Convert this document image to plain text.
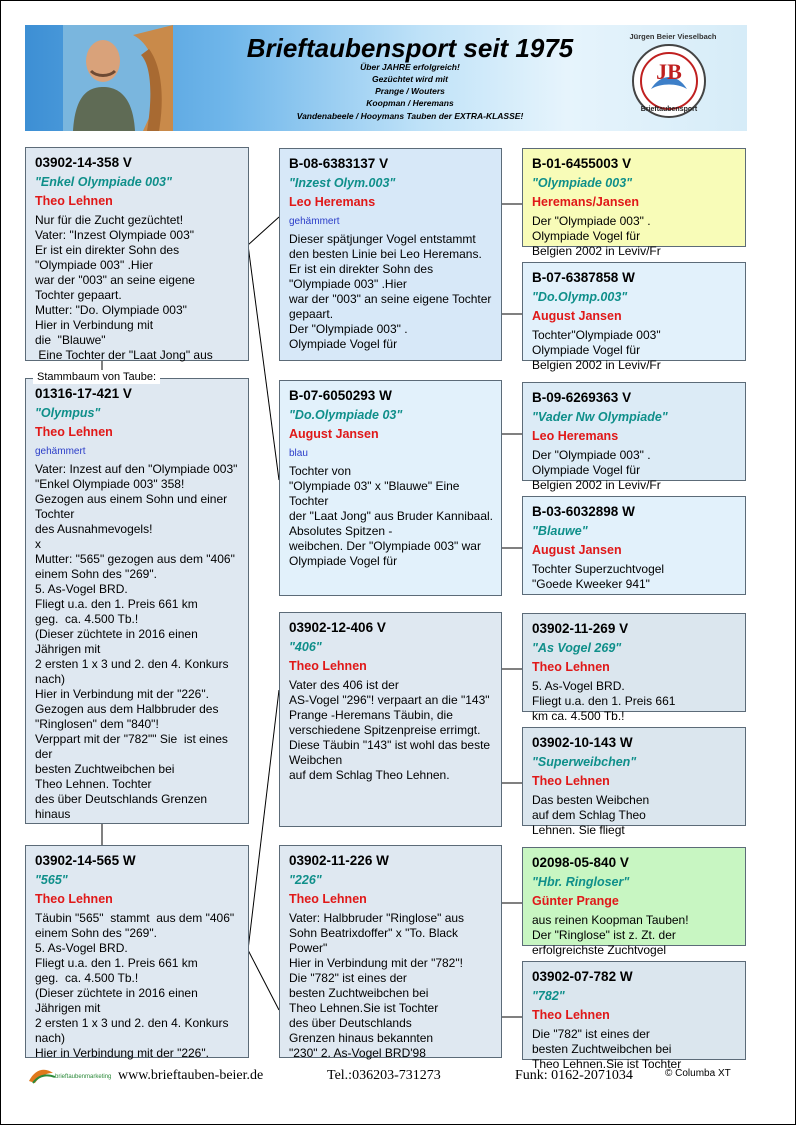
Brieftaubensport seit 1975
Über JAHRE erfolgreich!
Gezüchtet wird mit
Prange / Wouters
Koopman / Heremans
Vandenabeele / Hooymans Tauben der EXTRA-KLASSE!
Jürgen Beier Vieselbach
JB
Brieftaubensport
03902-14-358 V
"Enkel Olympiade 003"
Theo Lehnen
Nur für die Zucht gezüchtet!
Vater: "Inzest Olympiade 003"
Er ist ein direkter Sohn des
"Olympiade 003" .Hier
war der "003" an seine eigene
Tochter gepaart.
Mutter: "Do. Olympiade 003"
Hier in Verbindung mit
die  "Blauwe"
Eine Tochter der "Laat Jong" aus
01316-17-421 V
"Olympus"
Theo Lehnen
gehämmert
Vater: Inzest auf den "Olympiade 003"
"Enkel Olympiade 003" 358!
Gezogen aus einem Sohn und einer Tochter
des Ausnahmevogels!
x
Mutter: "565" gezogen aus dem "406" einem Sohn des "269".
5. As-Vogel BRD.
Fliegt u.a. den 1. Preis 661 km
geg.  ca. 4.500 Tb.!
(Dieser züchtete in 2016 einen Jährigen mit
2 ersten 1 x 3 und 2. den 4. Konkurs nach)
Hier in Verbindung mit der "226".
Gezogen aus dem Halbbruder des "Ringlosen" dem "840"!
Verppart mit der "782"" Sie  ist eines der
besten Zuchtweibchen bei
Theo Lehnen. Tochter
des über Deutschlands Grenzen hinaus
Stammbaum von Taube:
03902-14-565 W
"565"
Theo Lehnen
Täubin "565"  stammt  aus dem "406" einem Sohn des "269".
5. As-Vogel BRD.
Fliegt u.a. den 1. Preis 661 km
geg.  ca. 4.500 Tb.!
(Dieser züchtete in 2016 einen Jährigen mit
2 ersten 1 x 3 und 2. den 4. Konkurs nach)
Hier in Verbindung mit der "226".
B-08-6383137 V
"Inzest Olym.003"
Leo Heremans
gehämmert
Dieser spätjunger Vogel entstammt den besten Linie bei Leo Heremans.
Er ist ein direkter Sohn des "Olympiade 003" .Hier
war der "003" an seine eigene Tochter gepaart.
Der "Olympiade 003" .
Olympiade Vogel für
B-07-6050293 W
"Do.Olympiade 03"
August Jansen
blau
Tochter von
"Olympiade 03" x "Blauwe" Eine Tochter
der "Laat Jong" aus Bruder Kannibaal.
Absolutes Spitzen -
weibchen. Der "Olympiade 003" war
Olympiade Vogel für
03902-12-406 V
"406"
Theo Lehnen
Vater des 406 ist der
AS-Vogel "296"! verpaart an die "143"
Prange -Heremans Täubin, die verschiedene Spitzenpreise errimgt.
Diese Täubin "143" ist wohl das beste Weibchen
auf dem Schlag Theo Lehnen.
03902-11-226 W
"226"
Theo Lehnen
Vater: Halbbruder "Ringlose" aus Sohn Beatrixdoffer" x "To. Black Power"
Hier in Verbindung mit der "782"!
Die "782" ist eines der
besten Zuchtweibchen bei
Theo Lehnen.Sie ist Tochter
des über Deutschlands
Grenzen hinaus bekannten
"230" 2. As-Vogel BRD'98
B-01-6455003 V
"Olympiade 003"
Heremans/Jansen
Der "Olympiade 003" .
Olympiade Vogel für
Belgien 2002 in Leviv/Fr
B-07-6387858 W
"Do.Olymp.003"
August Jansen
Tochter"Olympiade 003"
Olympiade Vogel für
Belgien 2002 in Leviv/Fr
B-09-6269363 V
"Vader Nw Olympiade"
Leo Heremans
Der "Olympiade 003" .
Olympiade Vogel für
Belgien 2002 in Leviv/Fr
B-03-6032898 W
"Blauwe"
August Jansen
Tochter Superzuchtvogel
"Goede Kweeker 941"
03902-11-269 V
"As Vogel 269"
Theo Lehnen
5. As-Vogel BRD.
Fliegt u.a. den 1. Preis 661
km ca. 4.500 Tb.!
03902-10-143 W
"Superweibchen"
Theo Lehnen
Das besten Weibchen
auf dem Schlag Theo
Lehnen. Sie fliegt
02098-05-840 V
"Hbr. Ringloser"
Günter Prange
aus reinen Koopman Tauben!
Der "Ringlose" ist z. Zt. der
erfolgreichste Zuchtvogel
03902-07-782 W
"782"
Theo Lehnen
Die "782" ist eines der
besten Zuchtweibchen bei
Theo Lehnen.Sie ist Tochter
brieftaubenmarketing www.brieftauben-beier.de	Tel.:036203-731273	Funk: 0162-2071034	© Columba XT
